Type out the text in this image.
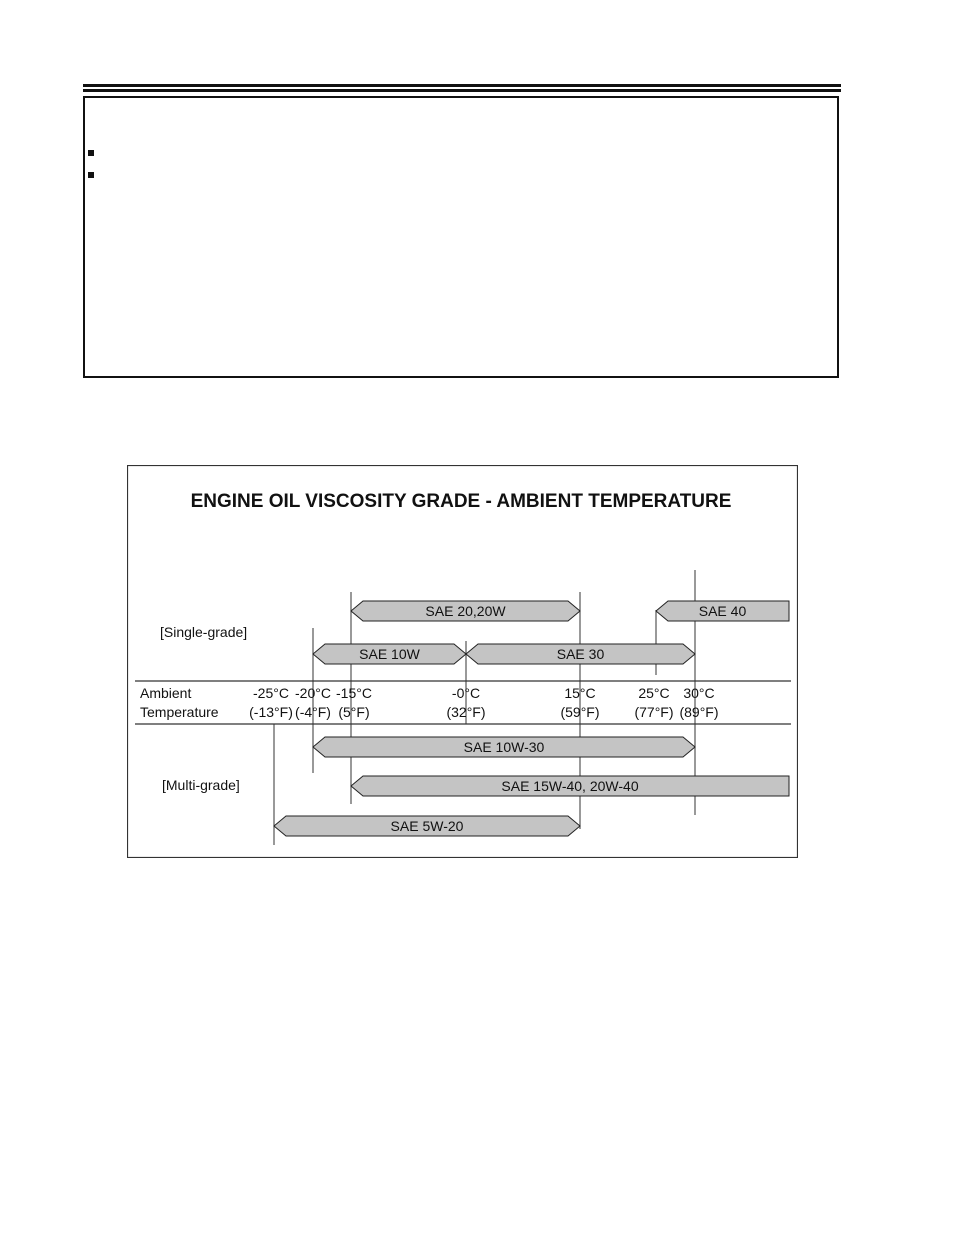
ENGINE OIL VISCOSITY GRADE - AMBIENT TEMPERATURE
[Single-grade]
[Multi-grade]
Ambient
Temperature
-25°C
(-13°F)
-20°C
(-4°F)
-15°C
(5°F)
-0°C
(32°F)
15°C
(59°F)
25°C
(77°F)
30°C
(89°F)
SAE 20,20W	SAE 40
SAE 10W	SAE 30
SAE 10W-30
SAE 15W-40, 20W-40
SAE 5W-20
